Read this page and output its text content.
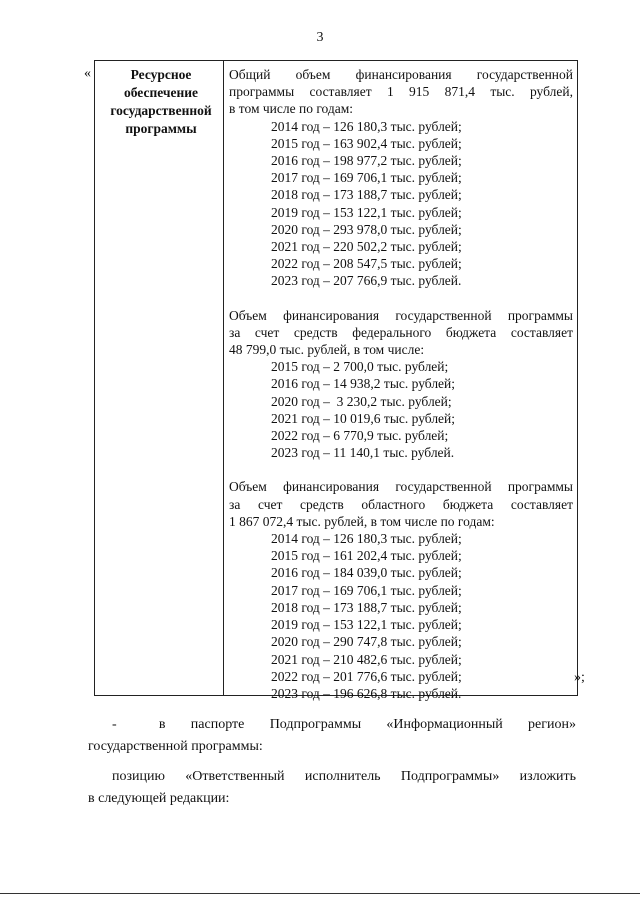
3
«	Ресурсное
обеспечение
государственной
программы
Общий объем финансирования государственной
программы составляет 1 915 871,4 тыс. рублей,
в том числе по годам:
2014 год – 126 180,3 тыс. рублей;
2015 год – 163 902,4 тыс. рублей;
2016 год – 198 977,2 тыс. рублей;
2017 год – 169 706,1 тыс. рублей;
2018 год – 173 188,7 тыс. рублей;
2019 год – 153 122,1 тыс. рублей;
2020 год – 293 978,0 тыс. рублей;
2021 год – 220 502,2 тыс. рублей;
2022 год – 208 547,5 тыс. рублей;
2023 год – 207 766,9 тыс. рублей.
Объем финансирования государственной программы
за счет средств федерального бюджета составляет
48 799,0 тыс. рублей, в том числе:
2015 год – 2 700,0 тыс. рублей;
2016 год – 14 938,2 тыс. рублей;
2020 год –  3 230,2 тыс. рублей;
2021 год – 10 019,6 тыс. рублей;
2022 год – 6 770,9 тыс. рублей;
2023 год – 11 140,1 тыс. рублей.
Объем финансирования государственной программы
за счет средств областного бюджета составляет
1 867 072,4 тыс. рублей, в том числе по годам:
2014 год – 126 180,3 тыс. рублей;
2015 год – 161 202,4 тыс. рублей;
2016 год – 184 039,0 тыс. рублей;
2017 год – 169 706,1 тыс. рублей;
2018 год – 173 188,7 тыс. рублей;
2019 год – 153 122,1 тыс. рублей;
2020 год – 290 747,8 тыс. рублей;
2021 год – 210 482,6 тыс. рублей;
2022 год – 201 776,6 тыс. рублей;
2023 год – 196 626,8 тыс. рублей.
»;
-     в   паспорте   Подпрограммы   «Информационный   регион»
государственной программы:
позицию «Ответственный исполнитель Подпрограммы» изложить
в следующей редакции:
